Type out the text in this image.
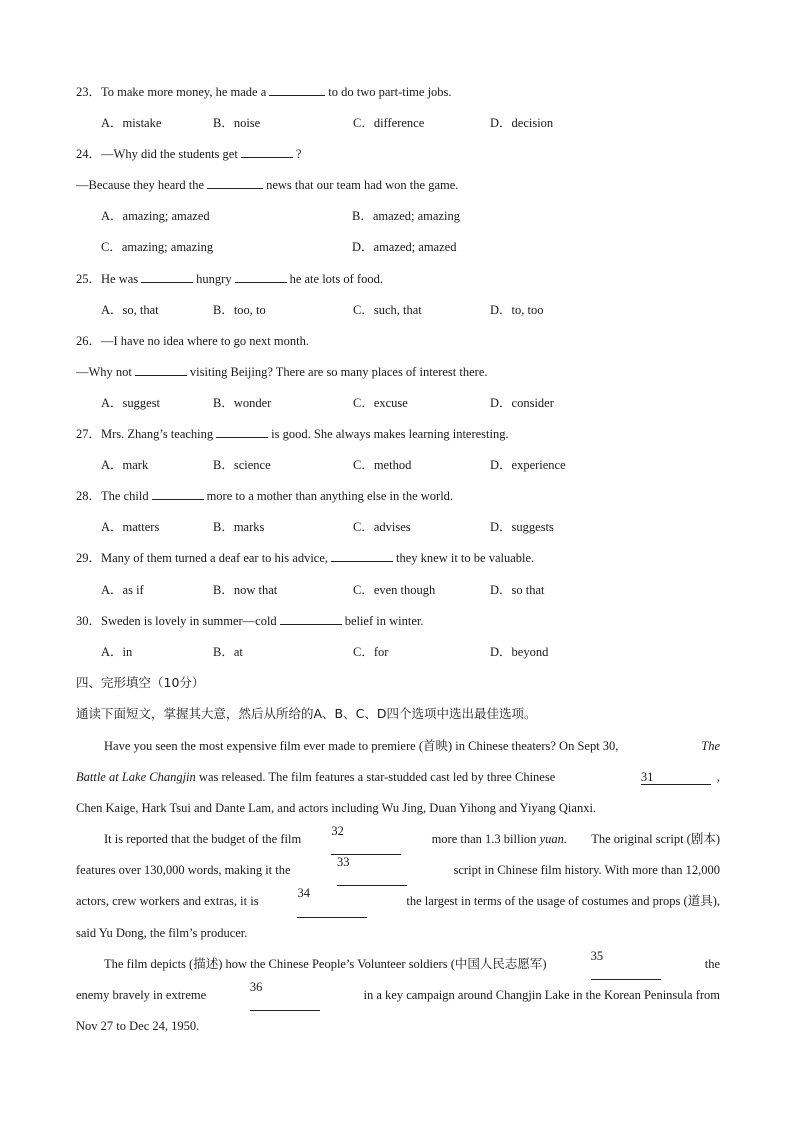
23．To make more money, he made a	to do two part-time jobs.
A．mistake	B．noise	C．difference	D．decision
24．—Why did the students get	?
—Because they heard the	news that our team had won the game.
A．amazing; amazed	B．amazed; amazing
C．amazing; amazing	D．amazed; amazed
25．He was	hungry	he ate lots of food.
A．so, that	B．too, to	C．such, that	D．to, too
26．—I have no idea where to go next month.
—Why not	visiting Beijing? There are so many places of interest there.
A．suggest	B．wonder	C．excuse	D．consider
27．Mrs. Zhang’s teaching	is good. She always makes learning interesting.
A．mark	B．science	C．method	D．experience
28．The child	more to a mother than anything else in the world.
A．matters	B．marks	C．advises	D．suggests
29．Many of them turned a deaf ear to his advice,	they knew it to be valuable.
A．as if	B．now that	C．even though	D．so that
30．Sweden is lovely in summer—cold	belief in winter.
A．in	B．at	C．for	D．beyond
四、完形填空（10分）
通读下面短文，掌握其大意，然后从所给的A、B、C、D四个选项中选出最佳选项。
Have you seen the most expensive film ever made to premiere (首映) in Chinese theaters? On Sept 30,	The
Battle at Lake Changjin was released. The film features a star-studded cast led by three Chinese	31	,
Chen Kaige, Hark Tsui and Dante Lam, and actors including Wu Jing, Duan Yihong and Yiyang Qianxi.
It is reported that the budget of the film
32
more than 1.3 billion yuan. The original script (剧本)
features over 130,000 words, making it the
33
script in Chinese film history. With more than 12,000
actors, crew workers and extras, it is
34
the largest in terms of the usage of costumes and props (道具),
said Yu Dong, the film’s producer.
The film depicts (描述) how the Chinese People’s Volunteer soldiers (中国人民志愿军)
35
the
enemy bravely in extreme
36
in a key campaign around Changjin Lake in the Korean Peninsula from
Nov 27 to Dec 24, 1950.
